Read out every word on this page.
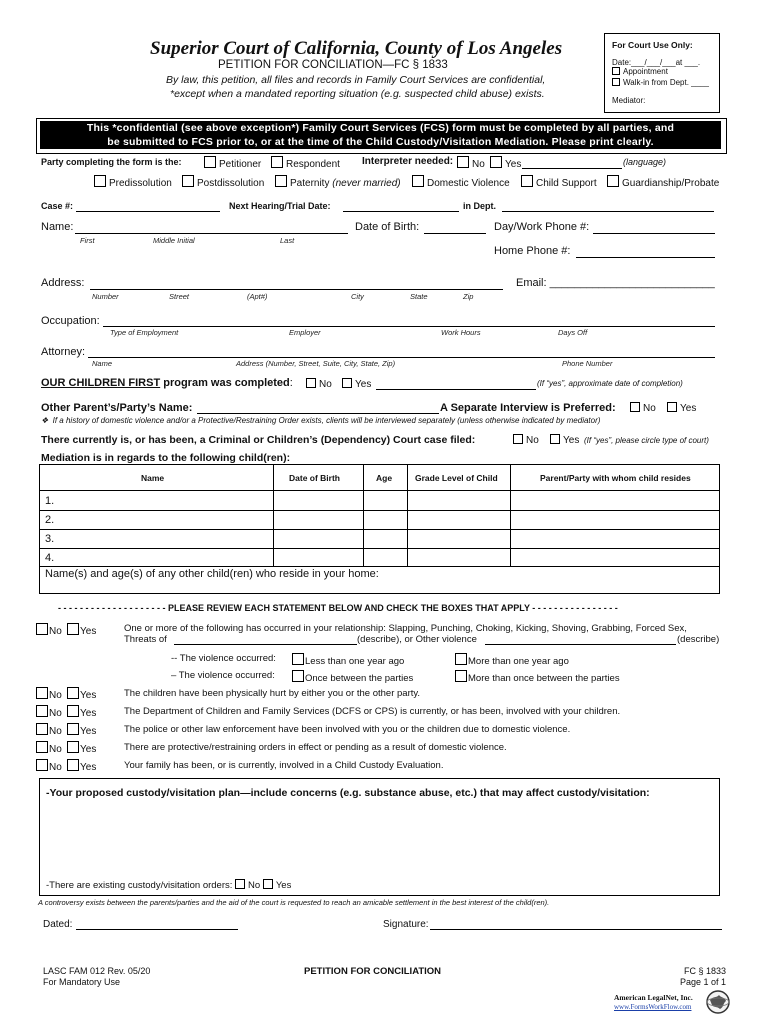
Superior Court of California, County of Los Angeles
PETITION FOR CONCILIATION—FC § 1833
By law, this petition, all files and records in Family Court Services are confidential,
*except when a mandated reporting situation (e.g. suspected child abuse) exists.
For Court Use Only:
Date:___/___/___at ___.
Appointment
Walk-in from Dept. ____
Mediator:
This *confidential (see above exception*) Family Court Services (FCS) form must be completed by all parties, and
be submitted to FCS prior to, or at the time of the Child Custody/Visitation Mediation. Please print clearly.
Party completing the form is the:	Petitioner	Respondent Interpreter needed:	No	Yes	(language)
Predissolution	Postdissolution	Paternity (never married)	Domestic Violence	Child Support	Guardianship/Probate
Case #:	Next Hearing/Trial Date:	in Dept.
Name:
First	Middle Initial	Last
Date of Birth:	Day/Work Phone #:
Home Phone #:
Address:
Number	Street	(Apt#)	City	State	Zip
Email: ___________________________
Occupation:
Type of Employment	Employer	Work Hours	Days Off
Attorney:
Name	Address (Number, Street, Suite, City, State, Zip)	Phone Number
OUR CHILDREN FIRST program was completed:	No	Yes	(If “yes”, approximate date of completion)
Other Parent’s/Party’s Name:	A Separate Interview is Preferred:	No	Yes
❖ If a history of domestic violence and/or a Protective/Restraining Order exists, clients will be interviewed separately (unless otherwise indicated by mediator)
There currently is, or has been, a Criminal or Children’s (Dependency) Court case filed:	No	Yes (If “yes”, please circle type of court)
Mediation is in regards to the following child(ren):
Name	Date of Birth	Age	Grade Level of Child	Parent/Party with whom child resides
1.
2.
3.
4.
Name(s) and age(s) of any other child(ren) who reside in your home:
- - - - - - - - - - - - - - - - - - - - PLEASE REVIEW EACH STATEMENT BELOW AND CHECK THE BOXES THAT APPLY - - - - - - - - - - - - - - - -
No	Yes	One or more of the following has occurred in your relationship: Slapping, Punching, Choking, Kicking, Shoving, Grabbing, Forced Sex,
Threats of	(describe), or Other violence	(describe)
-- The violence occurred:	Less than one year ago	More than one year ago
– The violence occurred:	Once between the parties	More than once between the parties
No	Yes	The children have been physically hurt by either you or the other party.
No	Yes	The Department of Children and Family Services (DCFS or CPS) is currently, or has been, involved with your children.
No	Yes	The police or other law enforcement have been involved with you or the children due to domestic violence.
No	Yes	There are protective/restraining orders in effect or pending as a result of domestic violence.
No	Yes	Your family has been, or is currently, involved in a Child Custody Evaluation.
-Your proposed custody/visitation plan—include concerns (e.g. substance abuse, etc.) that may affect custody/visitation:
-There are existing custody/visitation orders: No Yes
A controversy exists between the parents/parties and the aid of the court is requested to reach an amicable settlement in the best interest of the child(ren).
Dated:	Signature:
LASC FAM 012 Rev. 05/20
For Mandatory Use
PETITION FOR CONCILIATION	FC § 1833
Page 1 of 1
American LegalNet, Inc.
www.FormsWorkFlow.com
